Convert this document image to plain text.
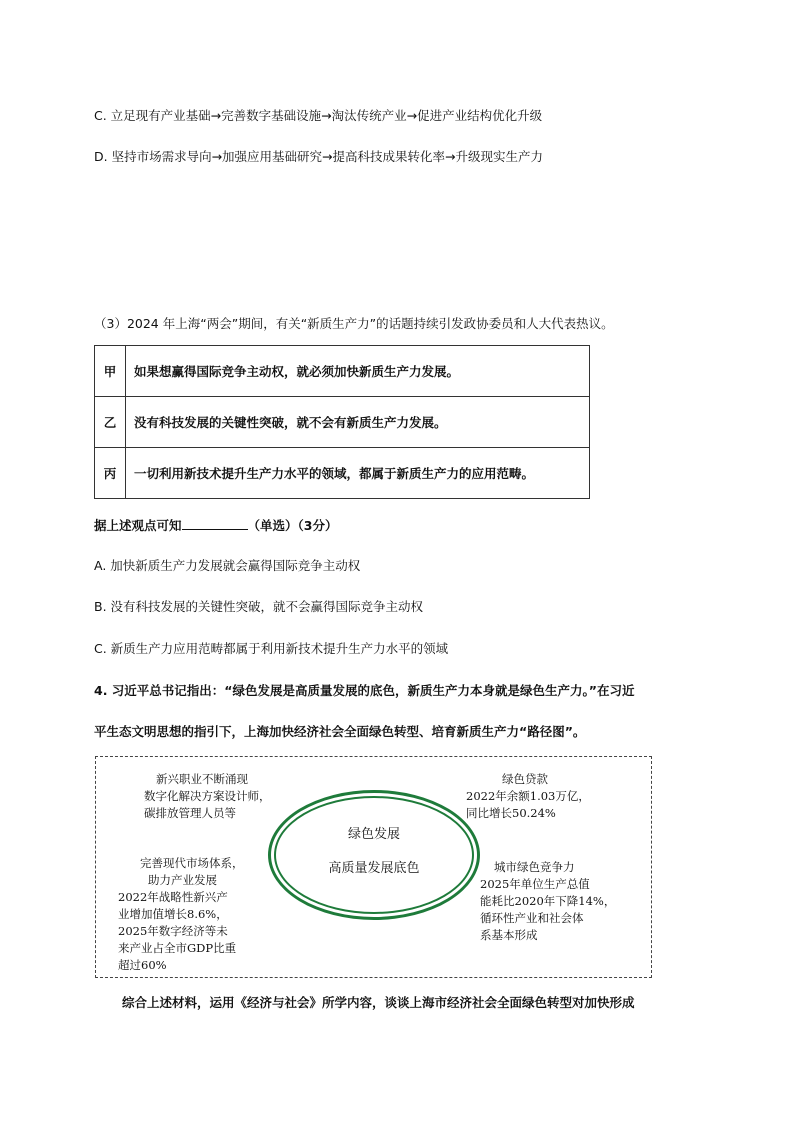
C. 立足现有产业基础→完善数字基础设施→淘汰传统产业→促进产业结构优化升级
D. 坚持市场需求导向→加强应用基础研究→提高科技成果转化率→升级现实生产力
（3）2024 年上海“两会”期间，有关“新质生产力”的话题持续引发政协委员和人大代表热议。
甲	如果想赢得国际竞争主动权，就必须加快新质生产力发展。
乙	没有科技发展的关键性突破，就不会有新质生产力发展。
丙	一切利用新技术提升生产力水平的领域，都属于新质生产力的应用范畴。
据上述观点可知	（单选）（3分）
A. 加快新质生产力发展就会赢得国际竞争主动权
B. 没有科技发展的关键性突破，就不会赢得国际竞争主动权
C. 新质生产力应用范畴都属于利用新技术提升生产力水平的领域
4. 习近平总书记指出：“绿色发展是高质量发展的底色，新质生产力本身就是绿色生产力。”在习近
平生态文明思想的指引下，上海加快经济社会全面绿色转型、培育新质生产力“路径图”。
绿色发展
高质量发展底色
新兴职业不断涌现
数字化解决方案设计师，
碳排放管理人员等
绿色贷款
2022年余额1.03万亿，
同比增长50.24%
完善现代市场体系，
助力产业发展
2022年战略性新兴产
业增加值增长8.6%，
2025年数字经济等未
来产业占全市GDP比重
超过60%
城市绿色竞争力
2025年单位生产总值
能耗比2020年下降14%，
循环性产业和社会体
系基本形成
综合上述材料，运用《经济与社会》所学内容，谈谈上海市经济社会全面绿色转型对加快形成
